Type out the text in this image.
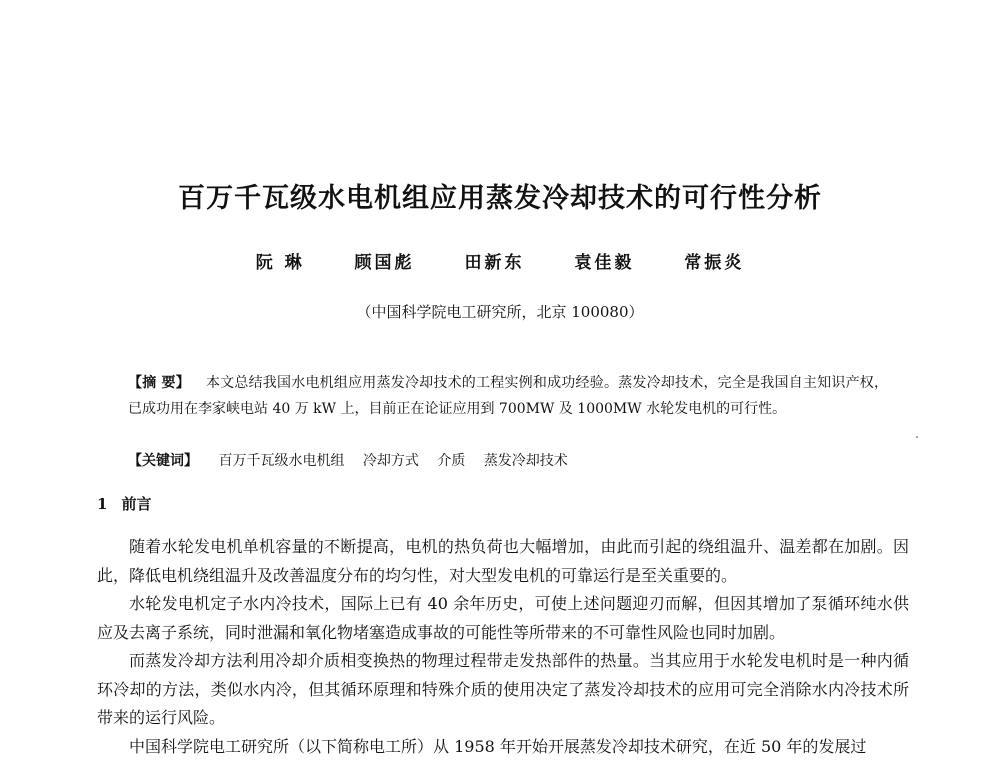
百万千瓦级水电机组应用蒸发冷却技术的可行性分析
阮 琳	顾国彪	田新东	袁佳毅	常振炎
（中国科学院电工研究所，北京 100080）
【摘 要】 本文总结我国水电机组应用蒸发冷却技术的工程实例和成功经验。蒸发冷却技术，完全是我国自主知识产权，已成功用在李家峡电站 40 万 kW 上，目前正在论证应用到 700MW 及 1000MW 水轮发电机的可行性。
【关键词】 百万千瓦级水电机组 冷却方式 介质 蒸发冷却技术
1 前言

随着水轮发电机单机容量的不断提高，电机的热负荷也大幅增加，由此而引起的绕组温升、温差都在加剧。因此，降低电机绕组温升及改善温度分布的均匀性，对大型发电机的可靠运行是至关重要的。

水轮发电机定子水内冷技术，国际上已有 40 余年历史，可使上述问题迎刃而解，但因其增加了泵循环纯水供应及去离子系统，同时泄漏和氧化物堵塞造成事故的可能性等所带来的不可靠性风险也同时加剧。

而蒸发冷却方法利用冷却介质相变换热的物理过程带走发热部件的热量。当其应用于水轮发电机时是一种内循环冷却的方法，类似水内冷，但其循环原理和特殊介质的使用决定了蒸发冷却技术的应用可完全消除水内冷技术所带来的运行风险。

中国科学院电工研究所（以下简称电工所）从 1958 年开始开展蒸发冷却技术研究，在近 50 年的发展过
